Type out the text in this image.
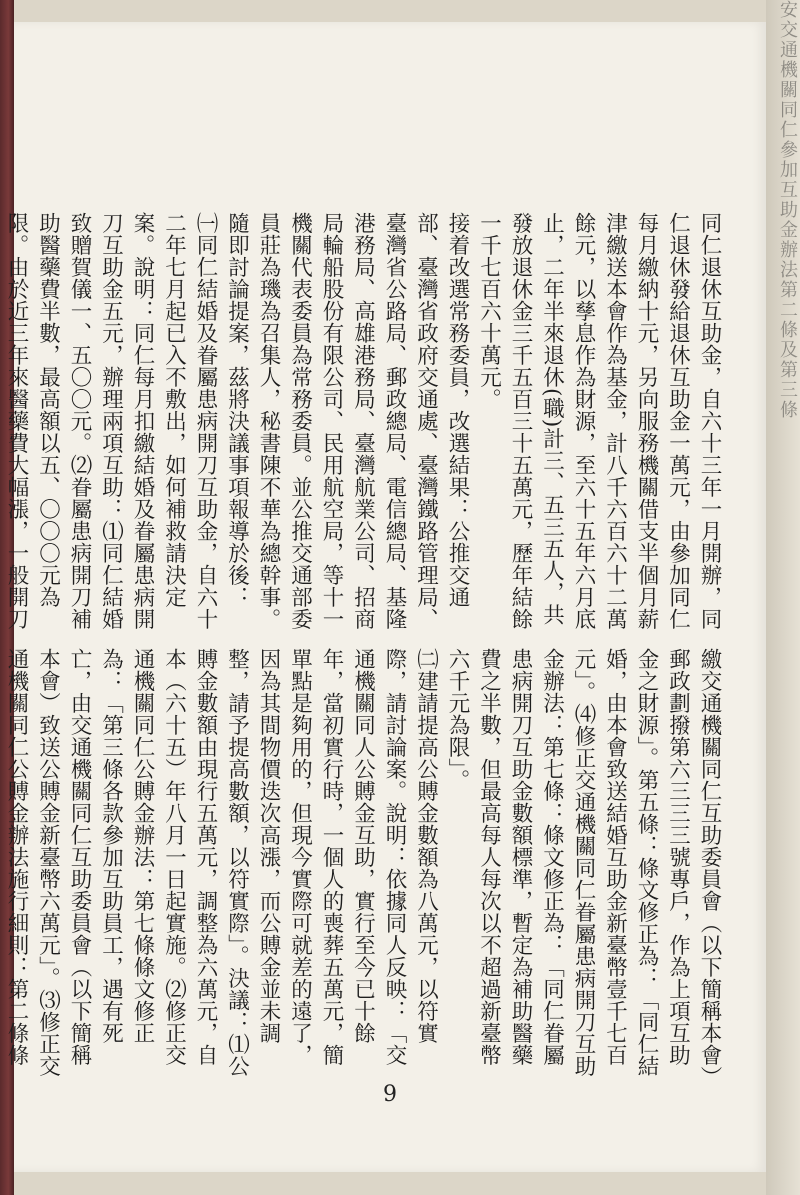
安交通機關同仁參加互助金辦法第二條及第三條

同仁退休互助金，自六十三年一月開辦，同仁退休發給退休互助金一萬元，由參加同仁每月繳納十元，另向服務機關借支半個月薪津繳送本會作為基金，計八千六百六十二萬餘元，以孳息作為財源，至六十五年六月底止，二年半來退休(職)計三、五三五人，共發放退休金三千五百三十五萬元，歷年結餘一千七百六十萬元。

接着改選常務委員，改選結果：公推交通部、臺灣省政府交通處、臺灣鐵路管理局、臺灣省公路局、郵政總局、電信總局、基隆港務局、高雄港務局、臺灣航業公司、招商局輪船股份有限公司、民用航空局，等十一機關代表委員為常務委員。並公推交通部委員莊為璣為召集人，秘書陳不華為總幹事。隨即討論提案，茲將決議事項報導於後：

㈠同仁結婚及眷屬患病開刀互助金，自六十二年七月起已入不敷出，如何補救請決定案。說明：同仁每月扣繳結婚及眷屬患病開刀互助金五元，辦理兩項互助：⑴同仁結婚致贈賀儀一、五〇〇元。⑵眷屬患病開刀補助醫藥費半數，最高額以五、〇〇〇元為限。由於近三年來醫藥費大幅漲，一般開刀

繳交通機關同仁互助委員會（以下簡稱本會）郵政劃撥第六三三三號專戶，作為上項互助金之財源」。第五條：條文修正為：「同仁結婚，由本會致送結婚互助金新臺幣壹千七百元」。⑷修正交通機關同仁眷屬患病開刀互助金辦法：第七條：條文修正為：「同仁眷屬患病開刀互助金數額標準，暫定為補助醫藥費之半數，但最高每人每次以不超過新臺幣六千元為限」。

㈡建請提高公賻金數額為八萬元，以符實際，請討論案。說明：依據同人反映：「交通機關同人公賻金互助，實行至今已十餘年，當初實行時，一個人的喪葬五萬元，簡單點是夠用的，但現今實際可就差的遠了，因為其間物價迭次高漲，而公賻金並未調整，請予提高數額，以符實際」。決議：⑴公賻金數額由現行五萬元，調整為六萬元，自本（六十五）年八月一日起實施。⑵修正交通機關同仁公賻金辦法：第七條條文修正為：「第三條各款參加互助員工，遇有死亡，由交通機關同仁互助委員會（以下簡稱本會）致送公賻金新臺幣六萬元」。⑶修正交通機關同仁公賻金辦法施行細則：第二條條

9
